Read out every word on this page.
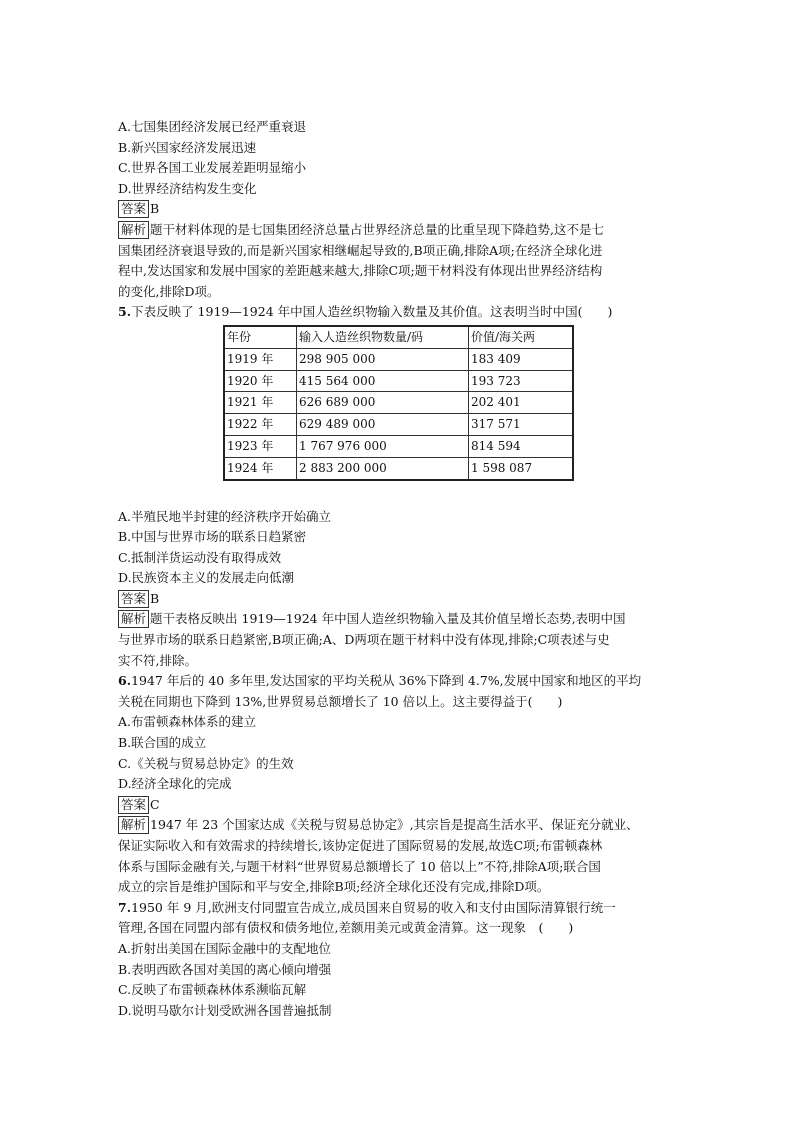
A.七国集团经济发展已经严重衰退
B.新兴国家经济发展迅速
C.世界各国工业发展差距明显缩小
D.世界经济结构发生变化
答案 B
解析 题干材料体现的是七国集团经济总量占世界经济总量的比重呈现下降趋势,这不是七
国集团经济衰退导致的,而是新兴国家相继崛起导致的,B项正确,排除A项;在经济全球化进
程中,发达国家和发展中国家的差距越来越大,排除C项;题干材料没有体现出世界经济结构
的变化,排除D项。
5.下表反映了 1919—1924 年中国人造丝织物输入数量及其价值。这表明当时中国(　　)
年份	输入人造丝织物数量/码	价值/海关两
1919 年	298 905 000	183 409
1920 年	415 564 000	193 723
1921 年	626 689 000	202 401
1922 年	629 489 000	317 571
1923 年	1 767 976 000	814 594
1924 年	2 883 200 000	1 598 087
A.半殖民地半封建的经济秩序开始确立
B.中国与世界市场的联系日趋紧密
C.抵制洋货运动没有取得成效
D.民族资本主义的发展走向低潮
答案 B
解析 题干表格反映出 1919—1924 年中国人造丝织物输入量及其价值呈增长态势,表明中国
与世界市场的联系日趋紧密,B项正确;A、D两项在题干材料中没有体现,排除;C项表述与史
实不符,排除。
6.1947 年后的 40 多年里,发达国家的平均关税从 36%下降到 4.7%,发展中国家和地区的平均
关税在同期也下降到 13%,世界贸易总额增长了 10 倍以上。这主要得益于(　　)
A.布雷顿森林体系的建立
B.联合国的成立
C.《关税与贸易总协定》的生效
D.经济全球化的完成
答案 C
解析 1947 年 23 个国家达成《关税与贸易总协定》,其宗旨是提高生活水平、保证充分就业、
保证实际收入和有效需求的持续增长,该协定促进了国际贸易的发展,故选C项;布雷顿森林
体系与国际金融有关,与题干材料“世界贸易总额增长了 10 倍以上”不符,排除A项;联合国
成立的宗旨是维护国际和平与安全,排除B项;经济全球化还没有完成,排除D项。
7.1950 年 9 月,欧洲支付同盟宣告成立,成员国来自贸易的收入和支付由国际清算银行统一
管理,各国在同盟内部有债权和债务地位,差额用美元或黄金清算。这一现象　(　　)
A.折射出美国在国际金融中的支配地位
B.表明西欧各国对美国的离心倾向增强
C.反映了布雷顿森林体系濒临瓦解
D.说明马歇尔计划受欧洲各国普遍抵制
